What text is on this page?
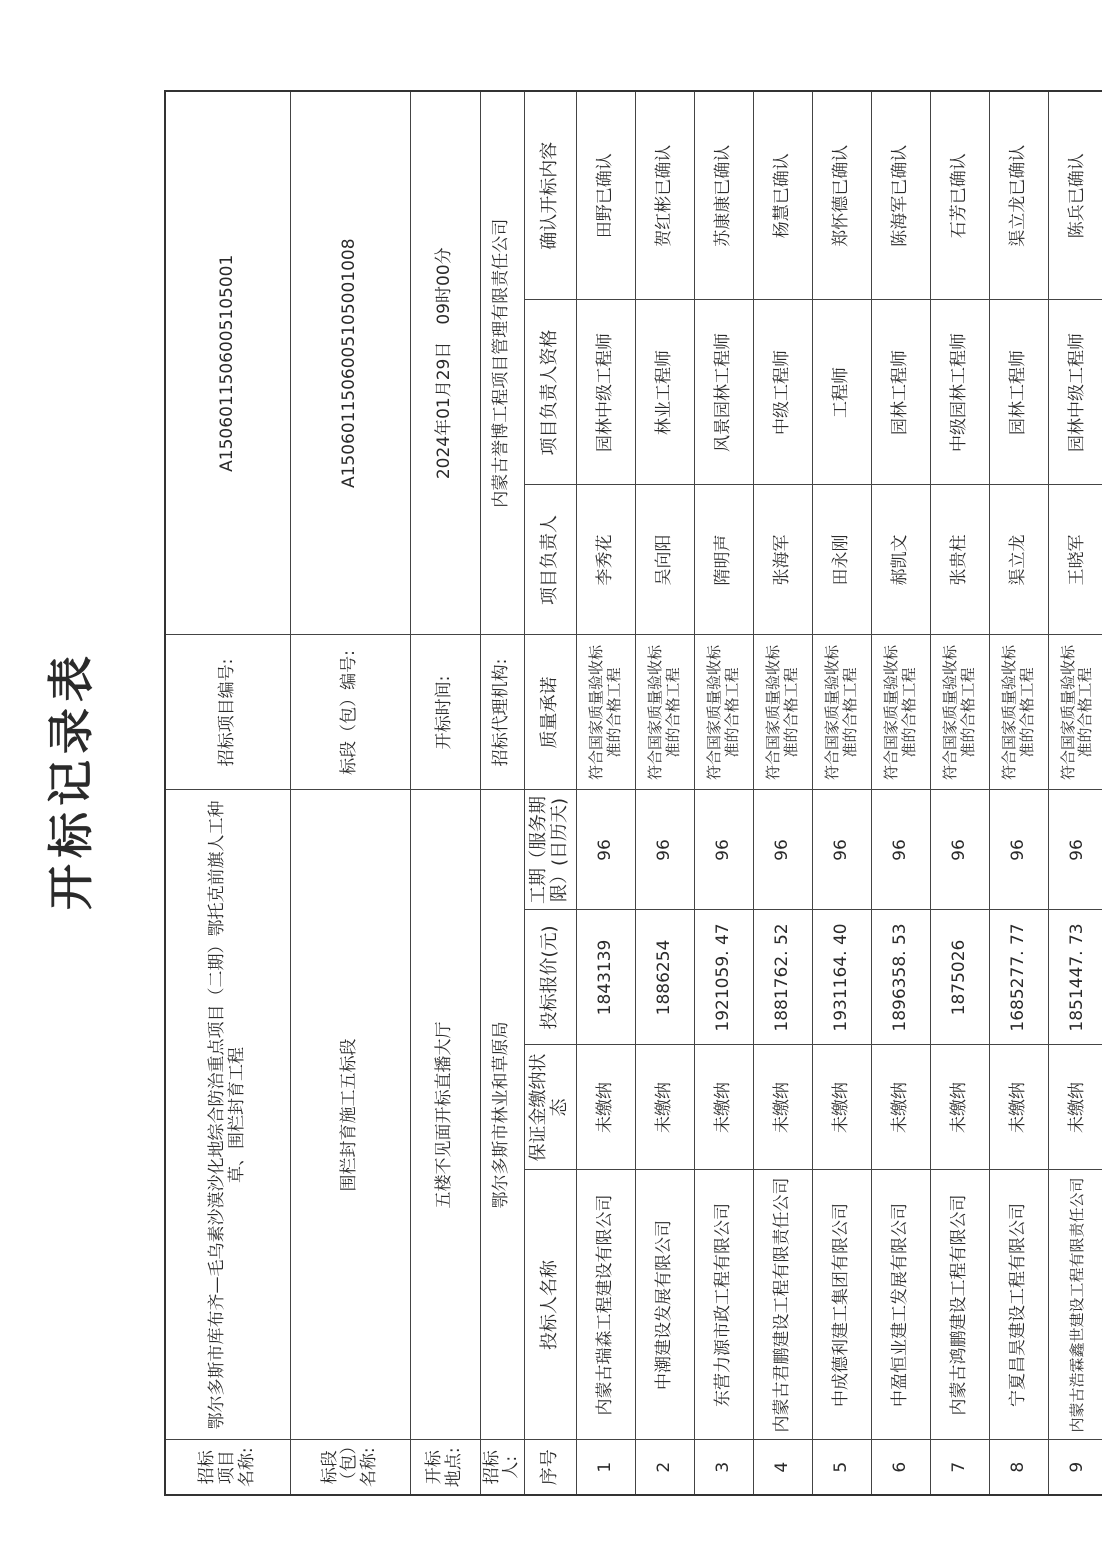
开标记录表
招标项目名称:	鄂尔多斯市库布齐—毛乌素沙漠沙化地综合防治重点项目（二期）鄂托克前旗人工种草、围栏封育工程				招标项目编号:	A1506011506005105001		
标段（包）名称:	围栏封育施工五标段				标段（包）编号:	A15060115060051050010​08		
开标地点:	五楼不见面开标直播大厅				开标时间:	2024年01月29日　09时00分		
招标人:	鄂尔多斯市林业和草原局				招标代理机构:	内蒙古誉博工程项目管理有限责任公司		
序号	投标人名称	保证金缴纳状态	投标报价(元)	工期（服务期限）(日历天)	质量承诺	项目负责人	项目负责人资格	确认开标内容
1	内蒙古瑞森工程建设有限公司	未缴纳	1843139	96	符合国家质量验收标准的合格工程	李秀花	园林中级工程师	田野已确认
2	中潮建设发展有限公司	未缴纳	1886254	96	符合国家质量验收标准的合格工程	吴向阳	林业工程师	贺红彬已确认
3	东营力源市政工程有限公司	未缴纳	1921059. 47	96	符合国家质量验收标准的合格工程	隋明声	风景园林工程师	苏康康已确认
4	内蒙古君鹏建设工程有限责任公司	未缴纳	1881762. 52	96	符合国家质量验收标准的合格工程	张海军	中级工程师	杨慧已确认
5	中成德利建工集团有限公司	未缴纳	1931164. 40	96	符合国家质量验收标准的合格工程	田永刚	工程师	郑怀德已确认
6	中盈恒业建工发展有限公司	未缴纳	1896358. 53	96	符合国家质量验收标准的合格工程	郝凯文	园林工程师	陈海军已确认
7	内蒙古鸿鹏建设工程有限公司	未缴纳	1875026	96	符合国家质量验收标准的合格工程	张贵柱	中级园林工程师	石芳已确认
8	宁夏昌昊建设工程有限公司	未缴纳	1685277. 77	96	符合国家质量验收标准的合格工程	渠立龙	园林工程师	渠立龙已确认
9	内蒙古浩霖鑫世建设工程有限责任公司	未缴纳	1851447. 73	96	符合国家质量验收标准的合格工程	王晓军	园林中级工程师	陈兵已确认
